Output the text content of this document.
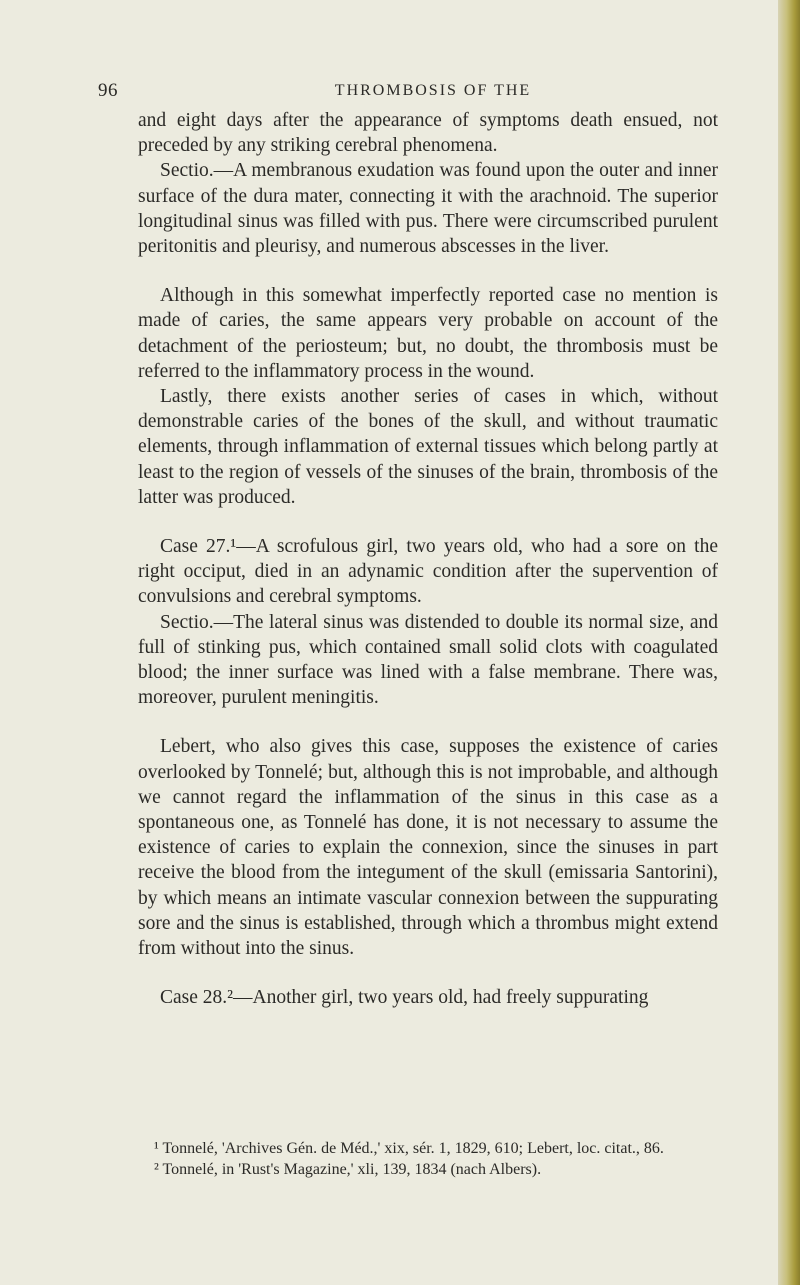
96	THROMBOSIS OF THE

and eight days after the appearance of symptoms death ensued, not preceded by any striking cerebral phenomena.

Sectio.—A membranous exudation was found upon the outer and inner surface of the dura mater, connecting it with the arachnoid. The superior longitudinal sinus was filled with pus. There were circumscribed purulent peritonitis and pleurisy, and numerous abscesses in the liver.

Although in this somewhat imperfectly reported case no mention is made of caries, the same appears very probable on account of the detachment of the periosteum; but, no doubt, the thrombosis must be referred to the inflammatory process in the wound.

Lastly, there exists another series of cases in which, without demonstrable caries of the bones of the skull, and without traumatic elements, through inflammation of external tissues which belong partly at least to the region of vessels of the sinuses of the brain, thrombosis of the latter was produced.

Case 27.¹—A scrofulous girl, two years old, who had a sore on the right occiput, died in an adynamic condition after the supervention of convulsions and cerebral symptoms.

Sectio.—The lateral sinus was distended to double its normal size, and full of stinking pus, which contained small solid clots with coagulated blood; the inner surface was lined with a false membrane. There was, moreover, purulent meningitis.

Lebert, who also gives this case, supposes the existence of caries overlooked by Tonnelé; but, although this is not improbable, and although we cannot regard the inflammation of the sinus in this case as a spontaneous one, as Tonnelé has done, it is not necessary to assume the existence of caries to explain the connexion, since the sinuses in part receive the blood from the integument of the skull (emissaria Santorini), by which means an intimate vascular connexion between the suppurating sore and the sinus is established, through which a thrombus might extend from without into the sinus.

Case 28.²—Another girl, two years old, had freely suppurating

¹ Tonnelé, 'Archives Gén. de Méd.,' xix, sér. 1, 1829, 610; Lebert, loc. citat., 86.

² Tonnelé, in 'Rust's Magazine,' xli, 139, 1834 (nach Albers).
